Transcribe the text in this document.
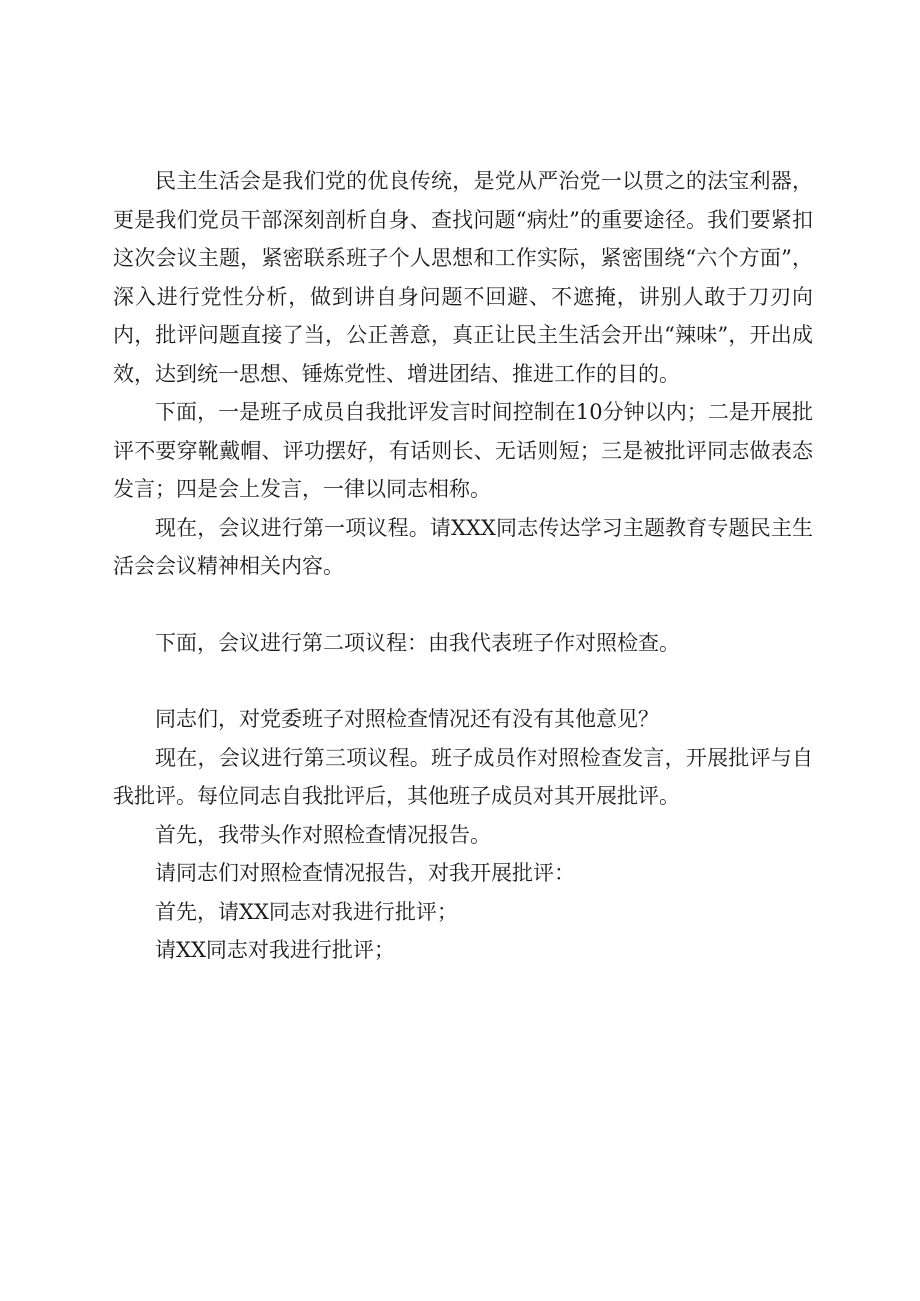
民主生活会是我们党的优良传统，是党从严治党一以贯之的法宝利器，更是我们党员干部深刻剖析自身、查找问题“病灶”的重要途径。我们要紧扣这次会议主题，紧密联系班子个人思想和工作实际，紧密围绕“六个方面”，深入进行党性分析，做到讲自身问题不回避、不遮掩，讲别人敢于刀刃向内，批评问题直接了当，公正善意，真正让民主生活会开出“辣味”，开出成效，达到统一思想、锤炼党性、增进团结、推进工作的目的。

下面，一是班子成员自我批评发言时间控制在10分钟以内；二是开展批评不要穿靴戴帽、评功摆好，有话则长、无话则短；三是被批评同志做表态发言；四是会上发言，一律以同志相称。

现在，会议进行第一项议程。请XXX同志传达学习主题教育专题民主生活会会议精神相关内容。

下面，会议进行第二项议程：由我代表班子作对照检查。

同志们，对党委班子对照检查情况还有没有其他意见？

现在，会议进行第三项议程。班子成员作对照检查发言，开展批评与自我批评。每位同志自我批评后，其他班子成员对其开展批评。

首先，我带头作对照检查情况报告。

请同志们对照检查情况报告，对我开展批评：

首先，请XX同志对我进行批评；

请XX同志对我进行批评；
